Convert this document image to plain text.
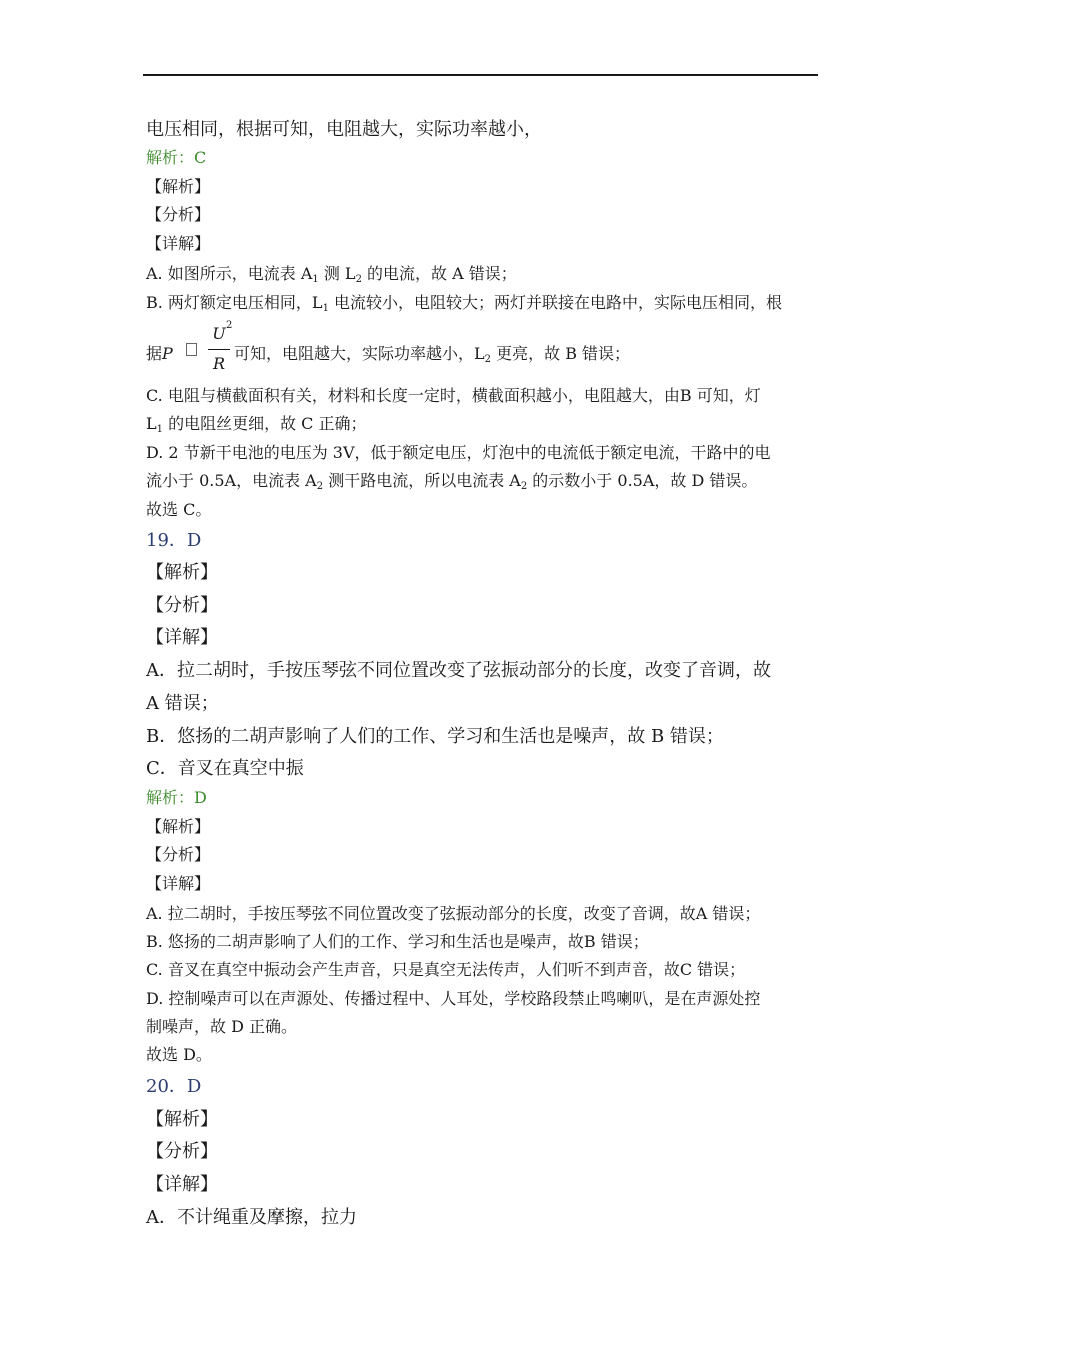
电压相同，根据可知，电阻越大，实际功率越小，
解析：C
【解析】
【分析】
【详解】
A. 如图所示，电流表 $A_1$ 测 $L_2$ 的电流，故 A 错误；
B. 两灯额定电压相同，$L_1$ 电流较小，电阻较大；两灯并联接在电路中，实际电压相同，根
据P
U 2
R
可知，电阻越大，实际功率越小，$L_2$ 更亮，故 B 错误；
C. 电阻与横截面积有关，材料和长度一定时，横截面积越小，电阻越大，由B 可知，灯
$L_1$ 的电阻丝更细，故 C 正确；
D. 2 节新干电池的电压为 3V，低于额定电压，灯泡中的电流低于额定电流，干路中的电
流小于 0.5A，电流表 $A_2$ 测干路电流，所以电流表 $A_2$ 的示数小于 0.5A，故 D 错误。
故选 C。
19．D
【解析】
【分析】
【详解】
A．拉二胡时，手按压琴弦不同位置改变了弦振动部分的长度，改变了音调，故
A 错误；
B．悠扬的二胡声影响了人们的工作、学习和生活也是噪声，故 B 错误；
C．音叉在真空中振
解析：D
【解析】
【分析】
【详解】
A. 拉二胡时，手按压琴弦不同位置改变了弦振动部分的长度，改变了音调，故A 错误；
B. 悠扬的二胡声影响了人们的工作、学习和生活也是噪声，故B 错误；
C. 音叉在真空中振动会产生声音，只是真空无法传声，人们听不到声音，故C 错误；
D. 控制噪声可以在声源处、传播过程中、人耳处，学校路段禁止鸣喇叭，是在声源处控
制噪声，故 D 正确。
故选 D。
20．D
【解析】
【分析】
【详解】
A．不计绳重及摩擦，拉力
